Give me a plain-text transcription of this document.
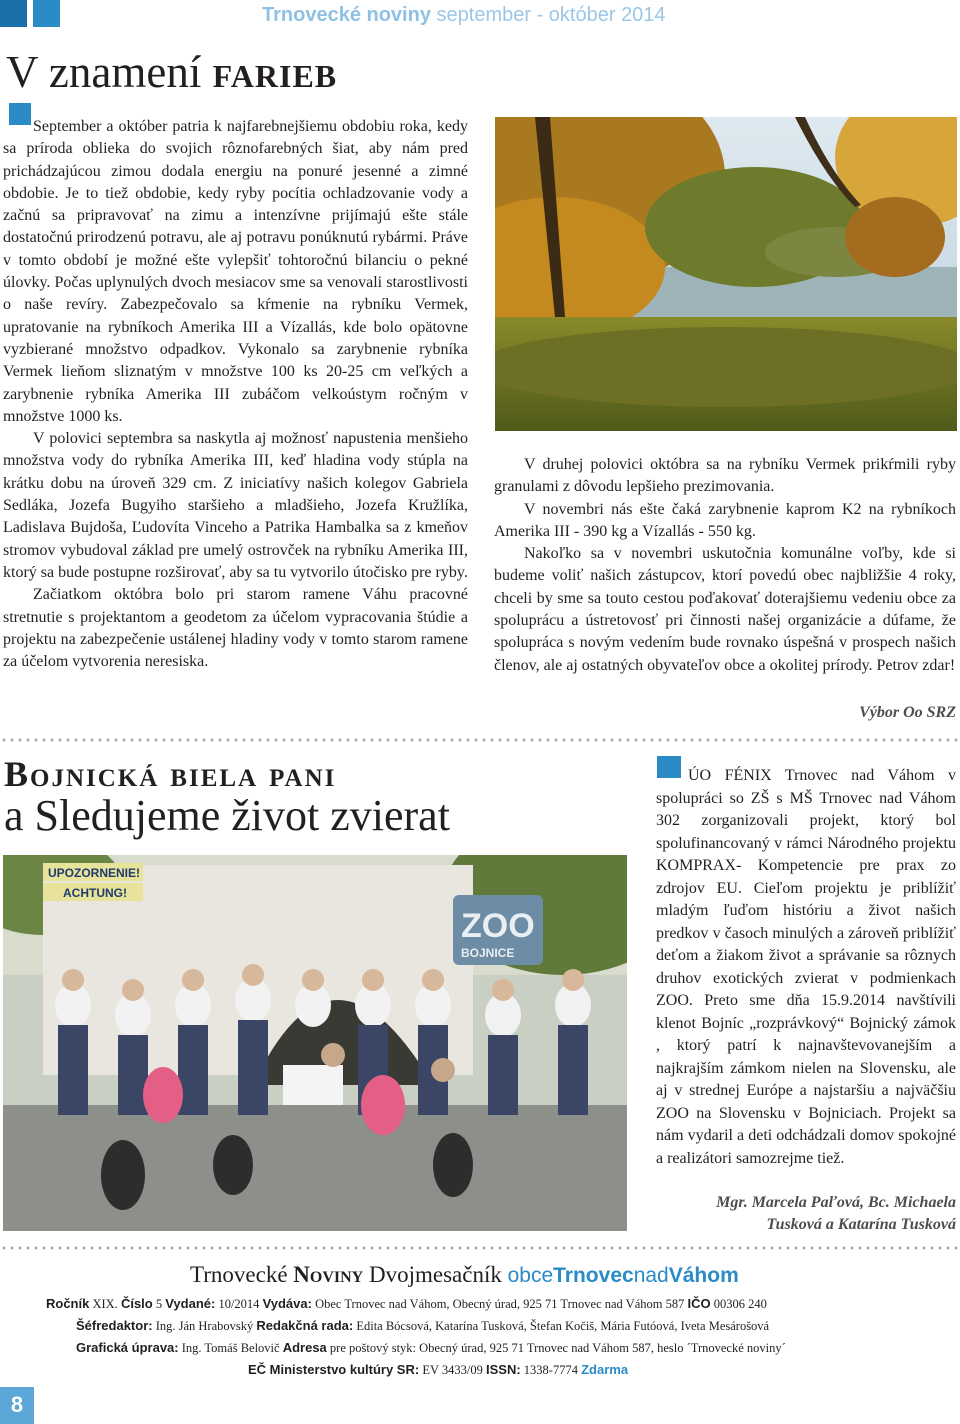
Trnovecké noviny september - október 2014
V znamení farieb

September a október patria k najfarebnejšiemu obdobiu roka, kedy sa príroda oblieka do svojich rôznofarebných šiat, aby nám pred prichádzajúcou zimou dodala energiu na ponuré jesenné a zimné obdobie. Je to tiež obdobie, kedy ryby pocítia ochladzovanie vody a začnú sa pripravovať na zimu a intenzívne prijímajú ešte stále dostatočnú prirodzenú potravu, ale aj potravu ponúknutú rybármi. Práve v tomto období je možné ešte vylepšiť tohtoročnú bilanciu o pekné úlovky. Počas uplynulých dvoch mesiacov sme sa venovali starostlivosti o naše revíry. Zabezpečovalo sa kŕmenie na rybníku Vermek, upratovanie na rybníkoch Amerika III a Vízallás, kde bolo opätovne vyzbierané množstvo odpadkov. Vykonalo sa zarybnenie rybníka Vermek lieňom sliznatým v množstve 100 ks 20-25 cm veľkých a zarybnenie rybníka Amerika III zubáčom velkoústym ročným v množstve 1000 ks.

V polovici septembra sa naskytla aj možnosť napustenia menšieho množstva vody do rybníka Amerika III, keď hladina vody stúpla na krátku dobu na úroveň 329 cm. Z iniciatívy našich kolegov Gabriela Sedláka, Jozefa Bugyiho staršieho a mladšieho, Jozefa Kružlíka, Ladislava Bujdoša, Ľudovíta Vinceho a Patrika Hambalka sa z kmeňov stromov vybudoval základ pre umelý ostrovček na rybníku Amerika III, ktorý sa bude postupne rozširovať, aby sa tu vytvorilo útočisko pre ryby.

Začiatkom októbra bolo pri starom ramene Váhu pracovné stretnutie s projektantom a geodetom za účelom vypracovania štúdie a projektu na zabezpečenie ustálenej hladiny vody v tomto starom ramene za účelom vytvorenia neresiska.

V druhej polovici októbra sa na rybníku Vermek prikŕmili ryby granulami z dôvodu lepšieho prezimovania.

V novembri nás ešte čaká zarybnenie kaprom K2 na rybníkoch Amerika III - 390 kg a Vízallás - 550 kg.

Nakoľko sa v novembri uskutočnia komunálne voľby, kde si budeme voliť našich zástupcov, ktorí povedú obec najbližšie 4 roky, chceli by sme sa touto cestou poďakovať doterajšiemu vedeniu obce za spoluprácu a ústretovosť pri činnosti našej organizácie a dúfame, že spolupráca s novým vedením bude rovnako úspešná v prospech našich členov, ale aj ostatných obyvateľov obce a okolitej prírody. Petrov zdar!

Výbor Oo SRZ
Bojnická biela pani
a Sledujeme život zvierat
UPOZORNENIE!
ACHTUNG!
ZOO
BOJNICE

ÚO FÉNIX Trnovec nad Váhom v spolupráci so ZŠ s MŠ Trnovec nad Váhom 302 zorganizovali projekt, ktorý bol spolufinancovaný v rámci Národného projektu KOMPRAX- Kompetencie pre prax zo zdrojov EU. Cieľom projektu je priblížiť mladým ľuďom históriu a život našich predkov v časoch minulých a zároveň priblížiť deťom a žiakom život a správanie sa rôznych druhov exotických zvierat v podmienkach ZOO. Preto sme dňa 15.9.2014 navštívili klenot Bojníc „rozprávkový“ Bojnický zámok , ktorý patrí k najnavštevovanejším a najkrajším zámkom nielen na Slovensku, ale aj v strednej Európe a najstaršiu a najväčšiu ZOO na Slovensku v Bojniciach. Projekt sa nám vydaril a deti odchádzali domov spokojné a realizátori samozrejme tiež.

Mgr. Marcela Paľová, Bc. Michaela
Tusková a Katarína Tusková
Trnovecké Noviny Dvojmesačník obceTrnovecnadVáhom
Ročník XIX. Číslo 5 Vydané: 10/2014 Vydáva: Obec Trnovec nad Váhom, Obecný úrad, 925 71 Trnovec nad Váhom 587 IČO 00306 240
Šéfredaktor: Ing. Ján Hrabovský Redakčná rada: Edita Bócsová, Katarína Tusková, Štefan Kočiš, Mária Futóová, Iveta Mesárošová
Grafická úprava: Ing. Tomáš Belovič Adresa pre poštový styk: Obecný úrad, 925 71 Trnovec nad Váhom 587, heslo ´Trnovecké noviny´
EČ Ministerstvo kultúry SR: EV 3433/09 ISSN: 1338-7774 Zdarma
8
